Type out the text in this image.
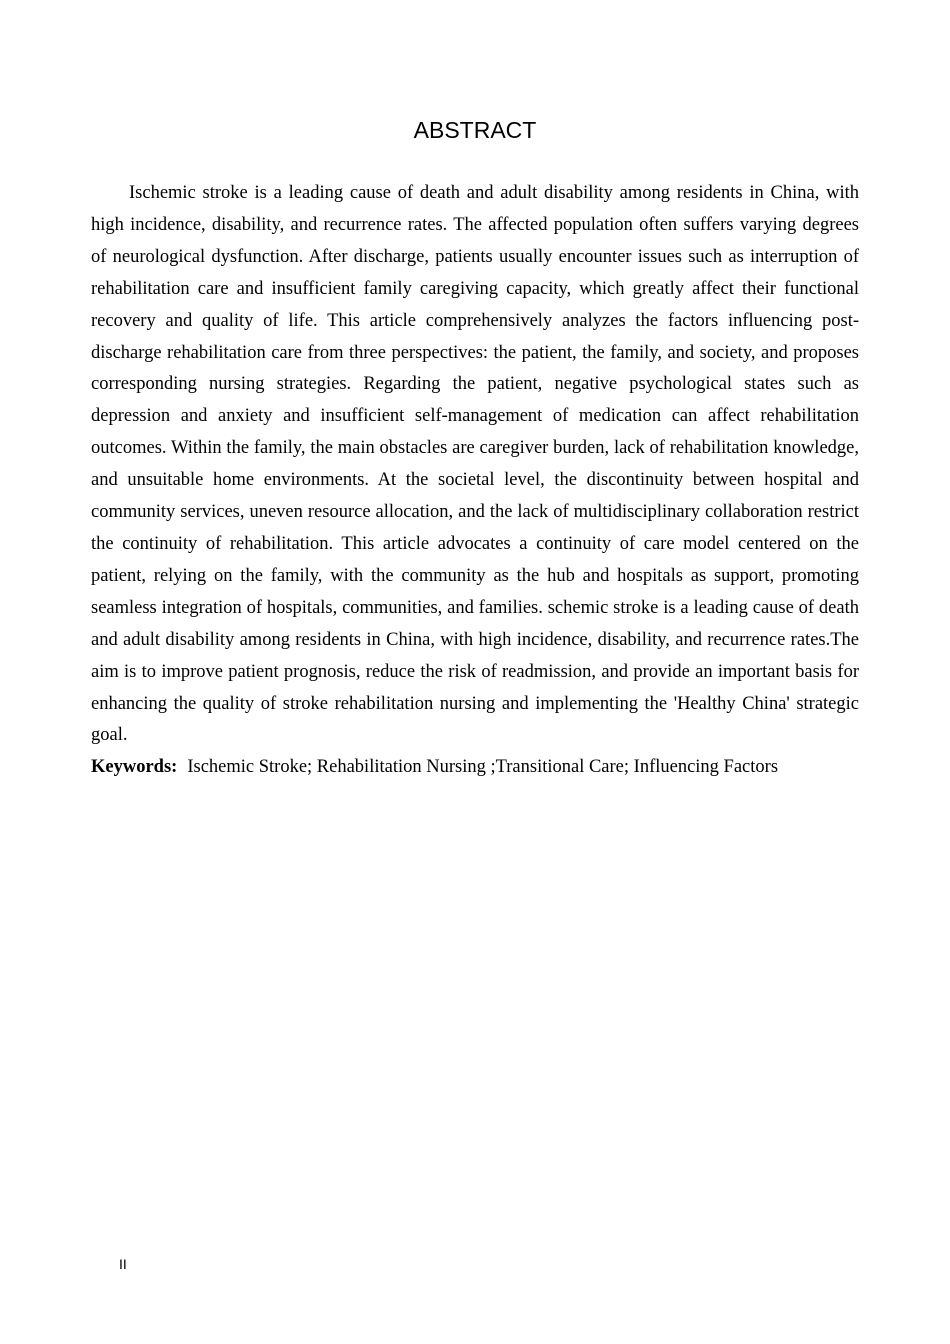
ABSTRACT

Ischemic stroke is a leading cause of death and adult disability among residents in China, with high incidence, disability, and recurrence rates. The affected population often suffers varying degrees of neurological dysfunction. After discharge, patients usually encounter issues such as interruption of rehabilitation care and insufficient family caregiving capacity, which greatly affect their functional recovery and quality of life. This article comprehensively analyzes the factors influencing post-discharge rehabilitation care from three perspectives: the patient, the family, and society, and proposes corresponding nursing strategies. Regarding the patient, negative psychological states such as depression and anxiety and insufficient self-management of medication can affect rehabilitation outcomes. Within the family, the main obstacles are caregiver burden, lack of rehabilitation knowledge, and unsuitable home environments. At the societal level, the discontinuity between hospital and community services, uneven resource allocation, and the lack of multidisciplinary collaboration restrict the continuity of rehabilitation. This article advocates a continuity of care model centered on the patient, relying on the family, with the community as the hub and hospitals as support, promoting seamless integration of hospitals, communities, and families. schemic stroke is a leading cause of death and adult disability among residents in China, with high incidence, disability, and recurrence rates.The aim is to improve patient prognosis, reduce the risk of readmission, and provide an important basis for enhancing the quality of stroke rehabilitation nursing and implementing the 'Healthy China' strategic goal.

Keywords: Ischemic Stroke; Rehabilitation Nursing ;Transitional Care; Influencing Factors

II
